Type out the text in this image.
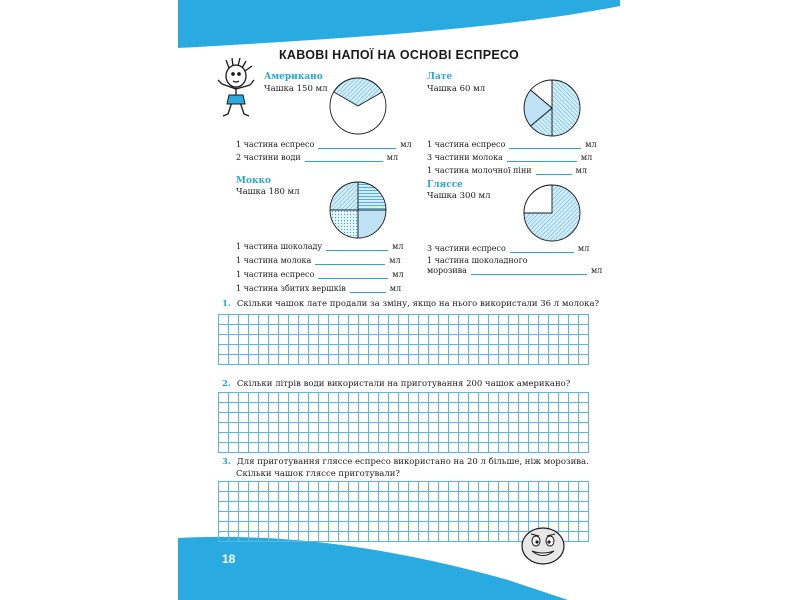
КАВОВІ НАПОЇ НА ОСНОВІ ЕСПРЕСО
Американо
Чашка 150 мл
1 частина еспресо	мл
2 частини води	мл
Мокко
Чашка 180 мл
1 частина шоколаду	мл
1 частина молока	мл
1 частина еспресо	мл
1 частина збитих вершків	мл
Лате
Чашка 60 мл
1 частина еспресо	мл
3 частини молока	мл
1 частина молочної піни	мл
Гляссе
Чашка 300 мл
3 частини еспресо	мл
1 частина шоколадного
морозива	мл
1. Скільки чашок лате продали за зміну, якщо на нього використали 36 л молока?
2. Скільки літрів води використали на приготування 200 чашок американо?
3. Для приготування гляссе еспресо використано на 20 л більше, ніж морозива.
Скільки чашок гляссе приготували?
18
